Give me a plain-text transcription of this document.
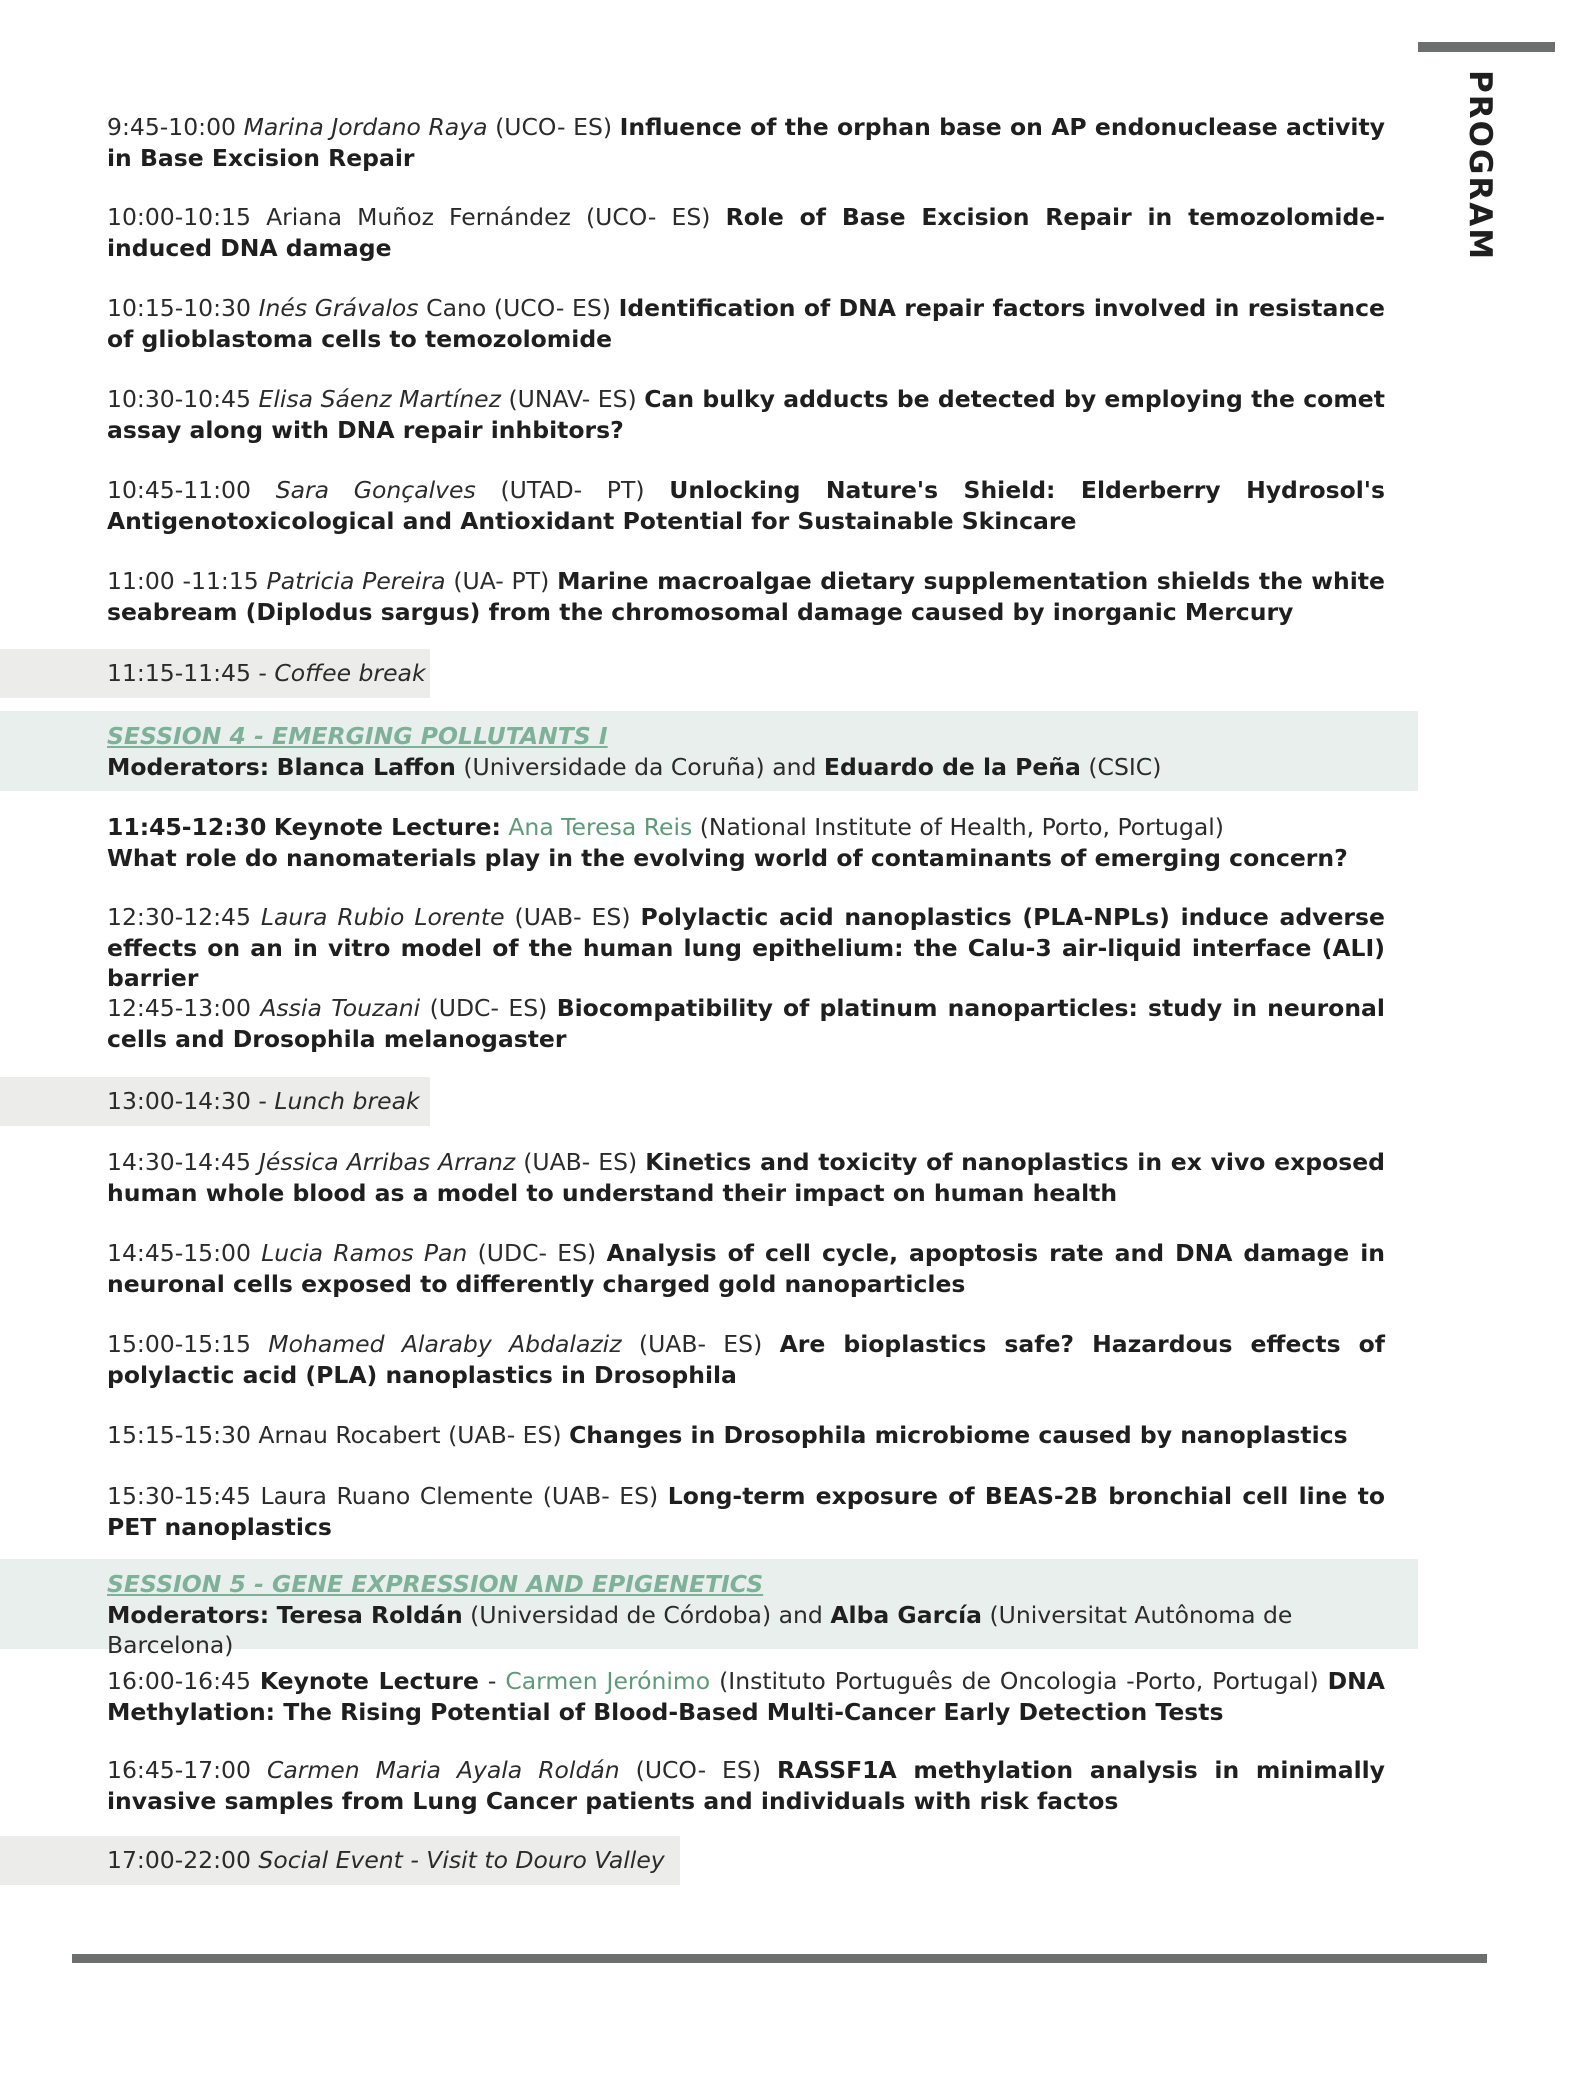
PROGRAM
9:45-10:00 Marina Jordano Raya (UCO- ES) Influence of the orphan base on AP endonuclease activity in Base Excision Repair
10:00-10:15 Ariana Muñoz Fernández (UCO- ES) Role of Base Excision Repair in temozolomide-induced DNA damage
10:15-10:30 Inés Grávalos Cano (UCO- ES) Identification of DNA repair factors involved in resistance of glioblastoma cells to temozolomide
10:30-10:45 Elisa Sáenz Martínez (UNAV- ES) Can bulky adducts be detected by employing the comet assay along with DNA repair inhbitors?
10:45-11:00 Sara Gonçalves (UTAD- PT) Unlocking Nature's Shield: Elderberry Hydrosol's Antigenotoxicological and Antioxidant Potential for Sustainable Skincare
11:00 -11:15 Patricia Pereira (UA- PT) Marine macroalgae dietary supplementation shields the white seabream (Diplodus sargus) from the chromosomal damage caused by inorganic Mercury
11:15-11:45 - Coffee break
SESSION 4 - EMERGING POLLUTANTS I
Moderators: Blanca Laffon (Universidade da Coruña) and Eduardo de la Peña (CSIC)
11:45-12:30 Keynote Lecture: Ana Teresa Reis (National Institute of Health, Porto, Portugal)
What role do nanomaterials play in the evolving world of contaminants of emerging concern?
12:30-12:45 Laura Rubio Lorente (UAB- ES) Polylactic acid nanoplastics (PLA-NPLs) induce adverse effects on an in vitro model of the human lung epithelium: the Calu-3 air-liquid interface (ALI) barrier
12:45-13:00 Assia Touzani (UDC- ES) Biocompatibility of platinum nanoparticles: study in neuronal cells and Drosophila melanogaster
13:00-14:30 - Lunch break
14:30-14:45 Jéssica Arribas Arranz (UAB- ES) Kinetics and toxicity of nanoplastics in ex vivo exposed human whole blood as a model to understand their impact on human health
14:45-15:00 Lucia Ramos Pan (UDC- ES) Analysis of cell cycle, apoptosis rate and DNA damage in neuronal cells exposed to differently charged gold nanoparticles
15:00-15:15 Mohamed Alaraby Abdalaziz (UAB- ES) Are bioplastics safe? Hazardous effects of polylactic acid (PLA) nanoplastics in Drosophila
15:15-15:30 Arnau Rocabert (UAB- ES) Changes in Drosophila microbiome caused by nanoplastics
15:30-15:45 Laura Ruano Clemente (UAB- ES) Long-term exposure of BEAS-2B bronchial cell line to PET nanoplastics
SESSION 5 - GENE EXPRESSION AND EPIGENETICS
Moderators: Teresa Roldán (Universidad de Córdoba) and Alba García (Universitat Autônoma de Barcelona)
16:00-16:45 Keynote Lecture - Carmen Jerónimo (Instituto Português de Oncologia -Porto, Portugal) DNA Methylation: The Rising Potential of Blood-Based Multi-Cancer Early Detection Tests
16:45-17:00 Carmen Maria Ayala Roldán (UCO- ES) RASSF1A methylation analysis in minimally invasive samples from Lung Cancer patients and individuals with risk factos
17:00-22:00 Social Event - Visit to Douro Valley
